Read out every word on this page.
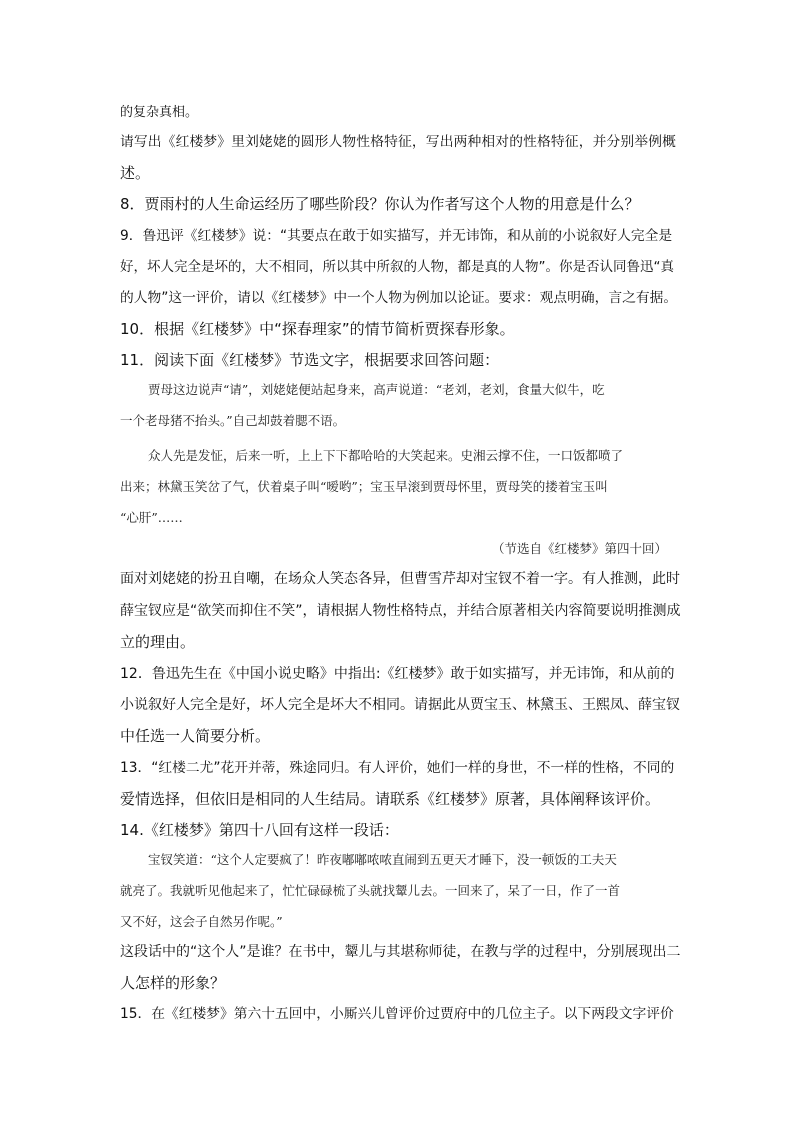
的复杂真相。
请写出《红楼梦》里刘姥姥的圆形人物性格特征，写出两种相对的性格特征，并分别举例概
述。
8．贾雨村的人生命运经历了哪些阶段？你认为作者写这个人物的用意是什么？
9．鲁迅评《红楼梦》说：“其要点在敢于如实描写，并无讳饰，和从前的小说叙好人完全是
好，坏人完全是坏的，大不相同，所以其中所叙的人物，都是真的人物”。你是否认同鲁迅“真
的人物”这一评价，请以《红楼梦》中一个人物为例加以论证。要求：观点明确，言之有据。
10．根据《红楼梦》中“探春理家”的情节简析贾探春形象。
11．阅读下面《红楼梦》节选文字，根据要求回答问题：
贾母这边说声“请”，刘姥姥便站起身来，高声说道：“老刘，老刘，食量大似牛，吃
一个老母猪不抬头。”自己却鼓着腮不语。
众人先是发怔，后来一听，上上下下都哈哈的大笑起来。史湘云撑不住，一口饭都喷了
出来；林黛玉笑岔了气，伏着桌子叫“嗳哟”；宝玉早滚到贾母怀里，贾母笑的搂着宝玉叫
“心肝”……
（节选自《红楼梦》第四十回）
面对刘姥姥的扮丑自嘲，在场众人笑态各异，但曹雪芹却对宝钗不着一字。有人推测，此时
薛宝钗应是“欲笑而抑住不笑”，请根据人物性格特点，并结合原著相关内容简要说明推测成
立的理由。
12．鲁迅先生在《中国小说史略》中指出:《红楼梦》敢于如实描写，并无讳饰，和从前的
小说叙好人完全是好，坏人完全是坏大不相同。请据此从贾宝玉、林黛玉、王熙凤、薛宝钗
中任选一人简要分析。
13．“红楼二尤”花开并蒂，殊途同归。有人评价，她们一样的身世，不一样的性格，不同的
爱情选择，但依旧是相同的人生结局。请联系《红楼梦》原著，具体阐释该评价。
14.《红楼梦》第四十八回有这样一段话：
宝钗笑道：“这个人定要疯了！昨夜嘟嘟哝哝直闹到五更天才睡下，没一顿饭的工夫天
就亮了。我就听见他起来了，忙忙碌碌梳了头就找颦儿去。一回来了，呆了一日，作了一首
又不好，这会子自然另作呢。”
这段话中的“这个人”是谁？在书中，颦儿与其堪称师徒，在教与学的过程中，分别展现出二
人怎样的形象？
15．在《红楼梦》第六十五回中，小厮兴儿曾评价过贾府中的几位主子。以下两段文字评价
